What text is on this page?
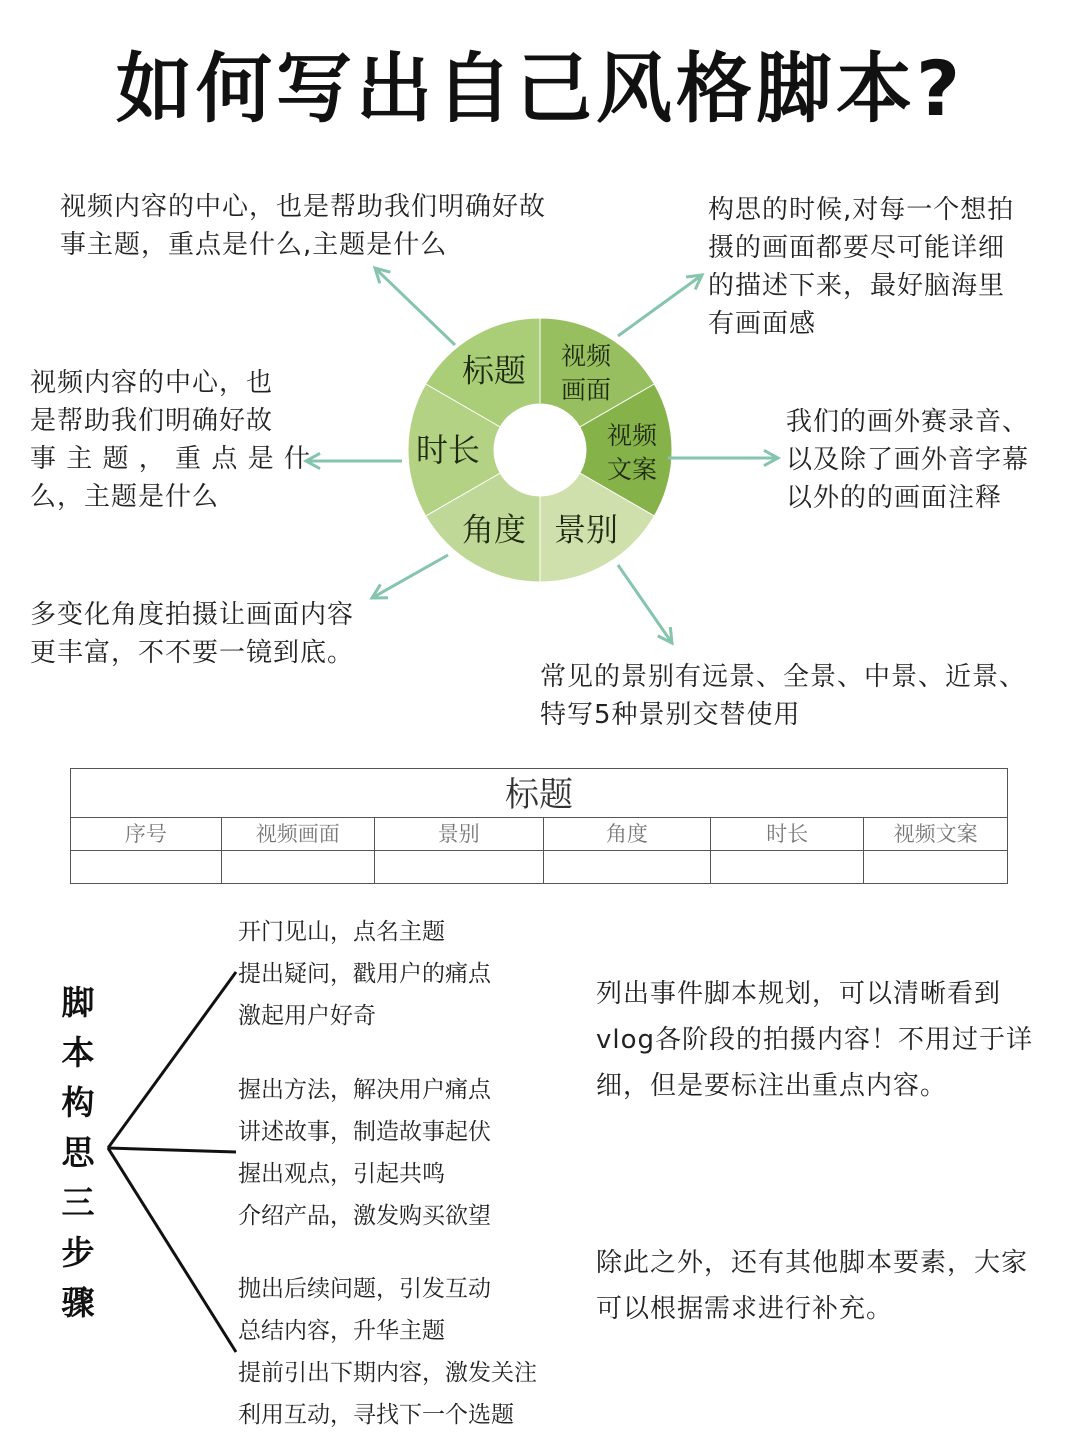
如何写出自己风格脚本?
标题 视频
画面
视频
文案
景别
角度
时长
视频内容的中心，也是帮助我们明确好故
事主题，重点是什么,主题是什么
视频内容的中心，也
是帮助我们明确好故
事 主 题 ， 重 点 是 什
么，主题是什么
构思的时候,对每一个想拍
摄的画面都要尽可能详细
的描述下来，最好脑海里
有画面感
我们的画外赛录音、
以及除了画外音字幕
以外的的画面注释
多变化角度拍摄让画面内容
更丰富，不不要一镜到底。
常见的景别有远景、全景、中景、近景、
特写5种景别交替使用
标题
序号	视频画面	景别	角度	时长	视频文案
脚
本
构
思
三
步
骤
开门见山，点名主题
提出疑问，戳用户的痛点
激起用户好奇
握出方法，解决用户痛点
讲述故事，制造故事起伏
握出观点，引起共鸣
介绍产品，激发购买欲望
抛出后续问题，引发互动
总结内容，升华主题
提前引出下期内容，激发关注
利用互动，寻找下一个选题
列出事件脚本规划，可以清晰看到
vlog各阶段的拍摄内容！不用过于详
细，但是要标注出重点内容。
除此之外，还有其他脚本要素，大家
可以根据需求进行补充。
